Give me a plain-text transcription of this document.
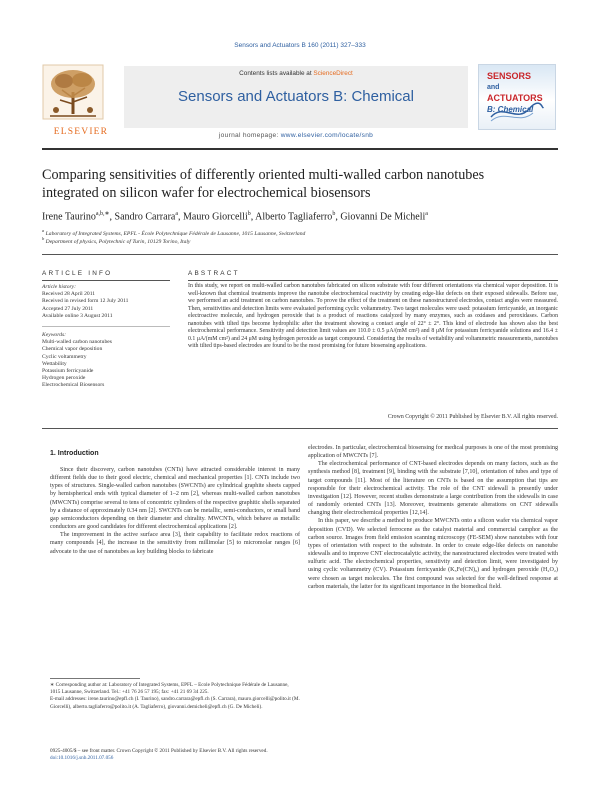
Sensors and Actuators B 160 (2011) 327–333
ELSEVIER
Contents lists available at ScienceDirect
Sensors and Actuators B: Chemical
journal homepage: www.elsevier.com/locate/snb
SENSORS
and
ACTUATORS
B: Chemical
Comparing sensitivities of differently oriented multi-walled carbon nanotubes
integrated on silicon wafer for electrochemical biosensors
Irene Taurino$^{a,b,∗}$, Sandro Carrara$^a$, Mauro Giorcelli$^b$, Alberto Tagliaferro$^b$, Giovanni De Micheli$^a$
$^a$ Laboratory of Integrated Systems, EPFL - École Polytechnique Fédérale de Lausanne, 1015 Lausanne, Switzerland
$^b$ Department of physics, Polytechnic of Turin, 10129 Torino, Italy
ARTICLE INFO	ABSTRACT
Article history:
Received 28 April 2011
Received in revised form 12 July 2011
Accepted 27 July 2011
Available online 3 August 2011
Keywords:
Multi-walled carbon nanotubes
Chemical vapor deposition
Cyclic voltammetry
Wettability
Potassium ferricyanide
Hydrogen peroxide
Electrochemical Biosensors
In this study, we report on multi-walled carbon nanotubes fabricated on silicon substrate with four different orientations via chemical vapor deposition. It is well-known that chemical treatments improve the nanotube electrochemical reactivity by creating edge-like defects on their exposed sidewalls. Before use, we performed an acid treatment on carbon nanotubes. To prove the effect of the treatment on these nanostructured electrodes, contact angles were measured. Then, sensitivities and detection limits were evaluated performing cyclic voltammetry. Two target molecules were used: potassium ferricyanide, an inorganic electroactive molecule, and hydrogen peroxide that is a product of reactions catalyzed by many enzymes, such as oxidases and peroxidases. Carbon nanotubes with tilted tips become hydrophilic after the treatment showing a contact angle of 22° ± 2°. This kind of electrode has shown also the best electrochemical performance. Sensitivity and detection limit values are 110.0 ± 0.5 μA/(mM cm²) and 8 μM for potassium ferricyanide solutions and 16.4 ± 0.1 μA/(mM cm²) and 24 μM using hydrogen peroxide as target compound. Considering the results of wettability and voltammetric measurements, nanotubes with tilted tips-based electrodes are found to be the most promising for future biosensing applications.
Crown Copyright © 2011 Published by Elsevier B.V. All rights reserved.
1. Introduction

Since their discovery, carbon nanotubes (CNTs) have attracted considerable interest in many different fields due to their good electric, chemical and mechanical properties [1]. CNTs include two types of structures. Single-walled carbon nanotubes (SWCNTs) are cylindrical graphite sheets capped by hemispherical ends with typical diameter of 1–2 nm [2], whereas multi-walled carbon nanotubes (MWCNTs) comprise several to tens of concentric cylinders of the respective graphitic shells separated by a distance of approximately 0.34 nm [2]. SWCNTs can be metallic, semi-conductors, or small band gap semiconductors depending on their diameter and chirality. MWCNTs, which behave as metallic conductors are good candidates for different electrochemical applications [2].

The improvement in the active surface area [3], their capability to facilitate redox reactions of many compounds [4], the increase in the sensitivity from millimolar [5] to micromolar ranges [6] advocate to the use of nanotubes as key building blocks to fabricate

electrodes. In particular, electrochemical biosensing for medical purposes is one of the most promising application of MWCNTs [7].

The electrochemical performance of CNT-based electrodes depends on many factors, such as the synthesis method [8], treatment [9], binding with the substrate [7,10], orientation of tubes and type of target compounds [11]. Most of the literature on CNTs is based on the assumption that tips are responsible for their electrochemical activity. The role of the CNT sidewall is presently under investigation [12]. However, recent studies demonstrate a large contribution from the sidewalls in case of randomly oriented CNTs [13]. Moreover, treatments generate alterations on CNT sidewalls changing their electrochemical properties [12,14].

In this paper, we describe a method to produce MWCNTs onto a silicon wafer via chemical vapor deposition (CVD). We selected ferrocene as the catalyst material and commercial camphor as the carbon source. Images from field emission scanning microscopy (FE-SEM) show nanotubes with four types of orientation with respect to the substrate. In order to create edge-like defects on nanotube sidewalls and to improve CNT electrocatalytic activity, the nanostructured electrodes were treated with sulfuric acid. The electrochemical properties, sensitivity and detection limit, were investigated by using cyclic voltammetry (CV). Potassium ferricyanide (K₃Fe(CN)₆) and hydrogen peroxide (H₂O₂) were chosen as target molecules. The first compound was selected for the well-defined response at carbon materials, the latter for its significant importance in the biomedical field.

∗ Corresponding author at: Laboratory of Integrated Systems, EPFL – Ecole Polytechnique Fédérale de Lausanne, 1015 Lausanne, Switzerland. Tel.: +41 76 26 57 195; fax: +41 21 69 34 225.
E-mail addresses: irene.taurino@epfl.ch (I. Taurino), sandro.carrara@epfl.ch (S. Carrara), mauro.giorcelli@polito.it (M. Giorcelli), alberto.tagliaferro@polito.it (A. Tagliaferro), giovanni.demicheli@epfl.ch (G. De Micheli).
0925-4005/$ – see front matter. Crown Copyright © 2011 Published by Elsevier B.V. All rights reserved.
doi:10.1016/j.snb.2011.07.056
